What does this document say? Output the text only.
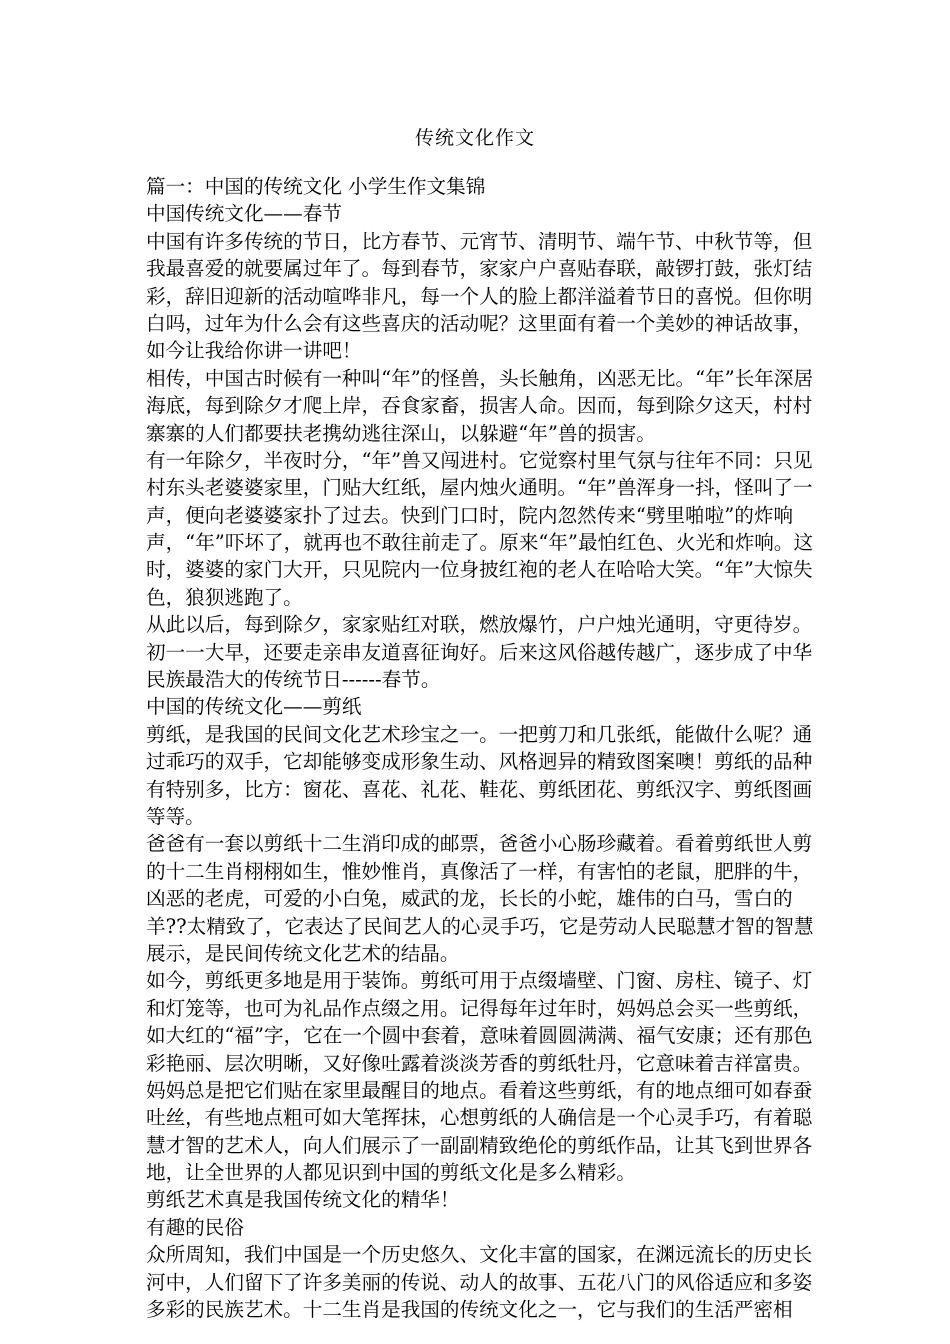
传统文化作文
篇一：中国的传统文化 小学生作文集锦
中国传统文化——春节
中国有许多传统的节日，比方春节、元宵节、清明节、端午节、中秋节等，但
我最喜爱的就要属过年了。每到春节，家家户户喜贴春联，敲锣打鼓，张灯结
彩，辞旧迎新的活动喧哗非凡，每一个人的脸上都洋溢着节日的喜悦。但你明
白吗，过年为什么会有这些喜庆的活动呢？这里面有着一个美妙的神话故事，
如今让我给你讲一讲吧！
相传，中国古时候有一种叫“年”的怪兽，头长触角，凶恶无比。“年”长年深居
海底，每到除夕才爬上岸，吞食家畜，损害人命。因而，每到除夕这天，村村
寨寨的人们都要扶老携幼逃往深山，以躲避“年”兽的损害。
有一年除夕，半夜时分，“年”兽又闯进村。它觉察村里气氛与往年不同：只见
村东头老婆婆家里，门贴大红纸，屋内烛火通明。“年”兽浑身一抖，怪叫了一
声，便向老婆婆家扑了过去。快到门口时，院内忽然传来“劈里啪啦”的炸响
声，“年”吓坏了，就再也不敢往前走了。原来“年”最怕红色、火光和炸响。这
时，婆婆的家门大开，只见院内一位身披红袍的老人在哈哈大笑。“年”大惊失
色，狼狈逃跑了。
从此以后，每到除夕，家家贴红对联，燃放爆竹，户户烛光通明，守更待岁。
初一一大早，还要走亲串友道喜征询好。后来这风俗越传越广，逐步成了中华
民族最浩大的传统节日------春节。
中国的传统文化——剪纸
剪纸，是我国的民间文化艺术珍宝之一。一把剪刀和几张纸，能做什么呢？通
过乖巧的双手，它却能够变成形象生动、风格迥异的精致图案噢！剪纸的品种
有特别多，比方：窗花、喜花、礼花、鞋花、剪纸团花、剪纸汉字、剪纸图画
等等。
爸爸有一套以剪纸十二生消印成的邮票，爸爸小心肠珍藏着。看着剪纸世人剪
的十二生肖栩栩如生，惟妙惟肖，真像活了一样，有害怕的老鼠，肥胖的牛，
凶恶的老虎，可爱的小白兔，威武的龙，长长的小蛇，雄伟的白马，雪白的
羊??太精致了，它表达了民间艺人的心灵手巧，它是劳动人民聪慧才智的智慧
展示，是民间传统文化艺术的结晶。
如今，剪纸更多地是用于装饰。剪纸可用于点缀墙壁、门窗、房柱、镜子、灯
和灯笼等，也可为礼品作点缀之用。记得每年过年时，妈妈总会买一些剪纸，
如大红的“福”字，它在一个圆中套着，意味着圆圆满满、福气安康；还有那色
彩艳丽、层次明晰，又好像吐露着淡淡芳香的剪纸牡丹，它意味着吉祥富贵。
妈妈总是把它们贴在家里最醒目的地点。看着这些剪纸，有的地点细可如春蚕
吐丝，有些地点粗可如大笔挥抹，心想剪纸的人确信是一个心灵手巧，有着聪
慧才智的艺术人，向人们展示了一副副精致绝伦的剪纸作品，让其飞到世界各
地，让全世界的人都见识到中国的剪纸文化是多么精彩。
剪纸艺术真是我国传统文化的精华！
有趣的民俗
众所周知，我们中国是一个历史悠久、文化丰富的国家，在渊远流长的历史长
河中，人们留下了许多美丽的传说、动人的故事、五花八门的风俗适应和多姿
多彩的民族艺术。十二生肖是我国的传统文化之一，它与我们的生活严密相
